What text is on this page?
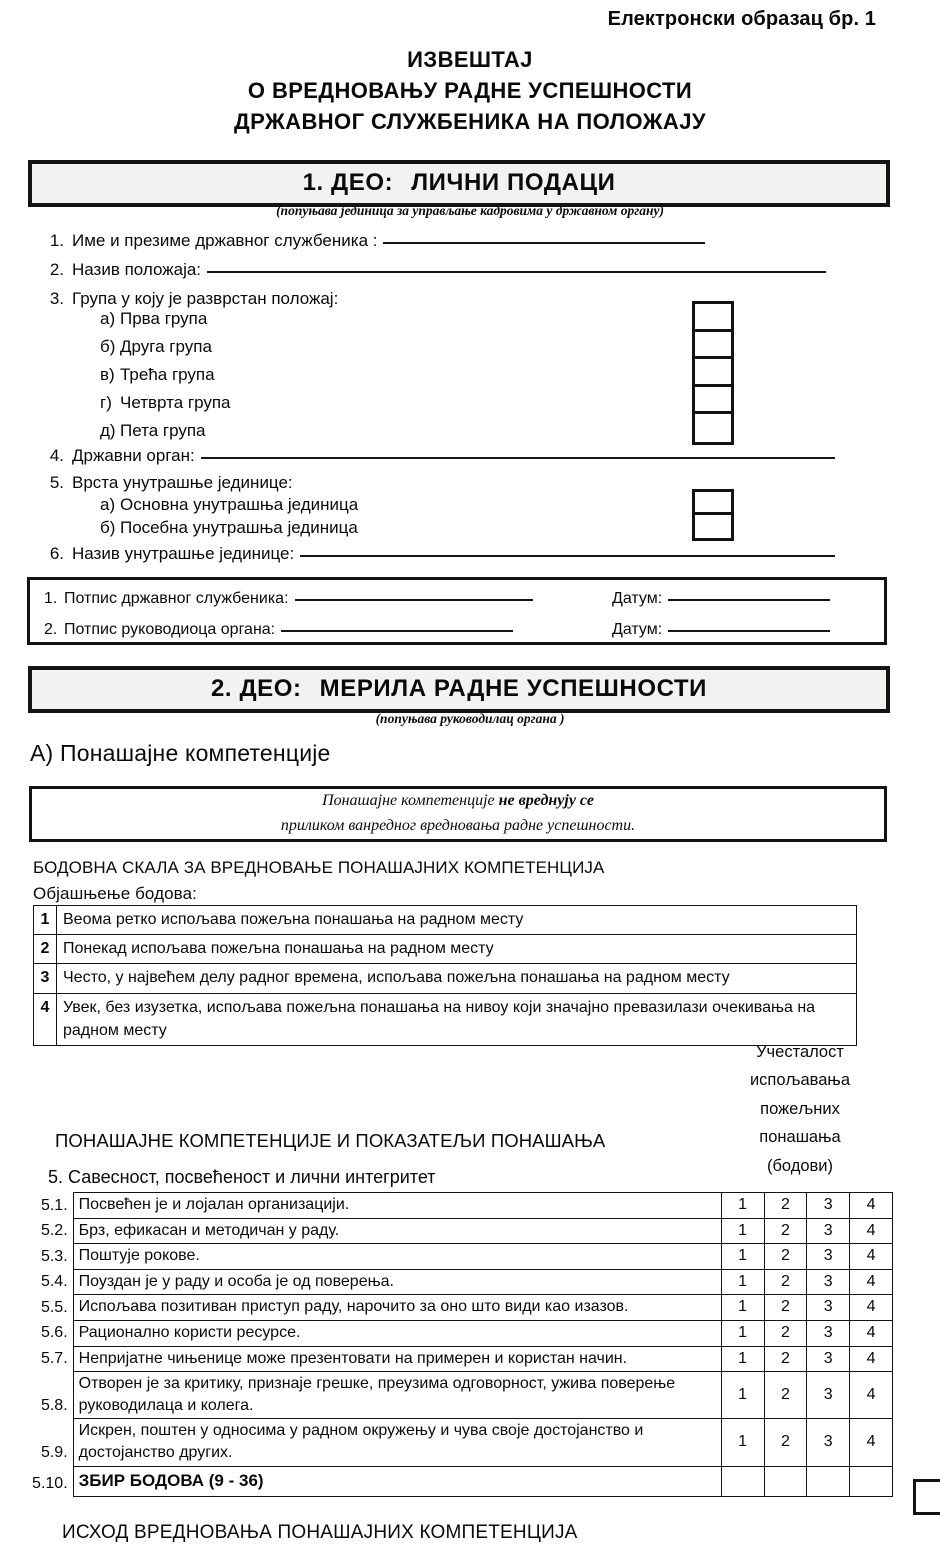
Електронски образац бр. 1
ИЗВЕШТАЈ
О ВРЕДНОВАЊУ РАДНЕ УСПЕШНОСТИ
ДРЖАВНОГ СЛУЖБЕНИКА НА ПОЛОЖАЈУ
1. ДЕО: ЛИЧНИ ПОДАЦИ
(попуњава јединица за управљање кадровима у државном органу)
1. Име и презиме државног службеника :
2. Назив положаја:
3. Група у коју је разврстан положај:
а) Прва група
б) Друга група
в) Трећа група
г) Четврта група
д) Пета група
4. Државни орган:
5. Врста унутрашње јединице:
а) Основна унутрашња јединица
б) Посебна унутрашња јединица
6. Назив унутрашње јединице:
1. Потпис државног службеника:	Датум:
2. Потпис руководиоца органа:	Датум:
2. ДЕО: МЕРИЛА РАДНЕ УСПЕШНОСТИ
(попуњава руководилац органа )
А) Понашајне компетенције
Понашајне компетенције не вреднују се
приликом ванредног вредновања радне успешности.
БОДОВНА СКАЛА ЗА ВРЕДНОВАЊЕ ПОНАШАЈНИХ КОМПЕТЕНЦИЈА
Објашњење бодова:
1	Веома ретко испољава пожељна понашања на радном месту
2	Понекад испољава пожељна понашања на радном месту
3	Често, у највећем делу радног времена, испољава пожељна понашања на радном месту
4	Увек, без изузетка, испољава пожељна понашања на нивоу који значајно превазилази очекивања на радном месту
Учесталост
испољавања
пожељних
понашања
(бодови)
ПОНАШАЈНЕ КОМПЕТЕНЦИЈЕ И ПОКАЗАТЕЉИ ПОНАШАЊА
5. Савесност, посвећеност и лични интегритет
5.1.	Посвећен је и лојалан организацији.	1	2	3	4
5.2.	Брз, ефикасан и методичан у раду.	1	2	3	4
5.3.	Поштује рокове.	1	2	3	4
5.4.	Поуздан је у раду и особа је од поверења.	1	2	3	4
5.5.	Испољава позитиван приступ раду, нарочито за оно што види као изазов.	1	2	3	4
5.6.	Рационално користи ресурсе.	1	2	3	4
5.7.	Непријатне чињенице може презентовати на примерен и користан начин.	1	2	3	4
5.8.	Отворен је за критику, признаје грешке, преузима одговорност, ужива поверење
руководилаца и колега.	1	2	3	4
5.9.	Искрен, поштен у односима у радном окружењу и чува своје достојанство и
достојанство других.	1	2	3	4
5.10.	ЗБИР БОДОВА (9 - 36)				
ИСХОД ВРЕДНОВАЊА ПОНАШАЈНИХ КОМПЕТЕНЦИЈА
